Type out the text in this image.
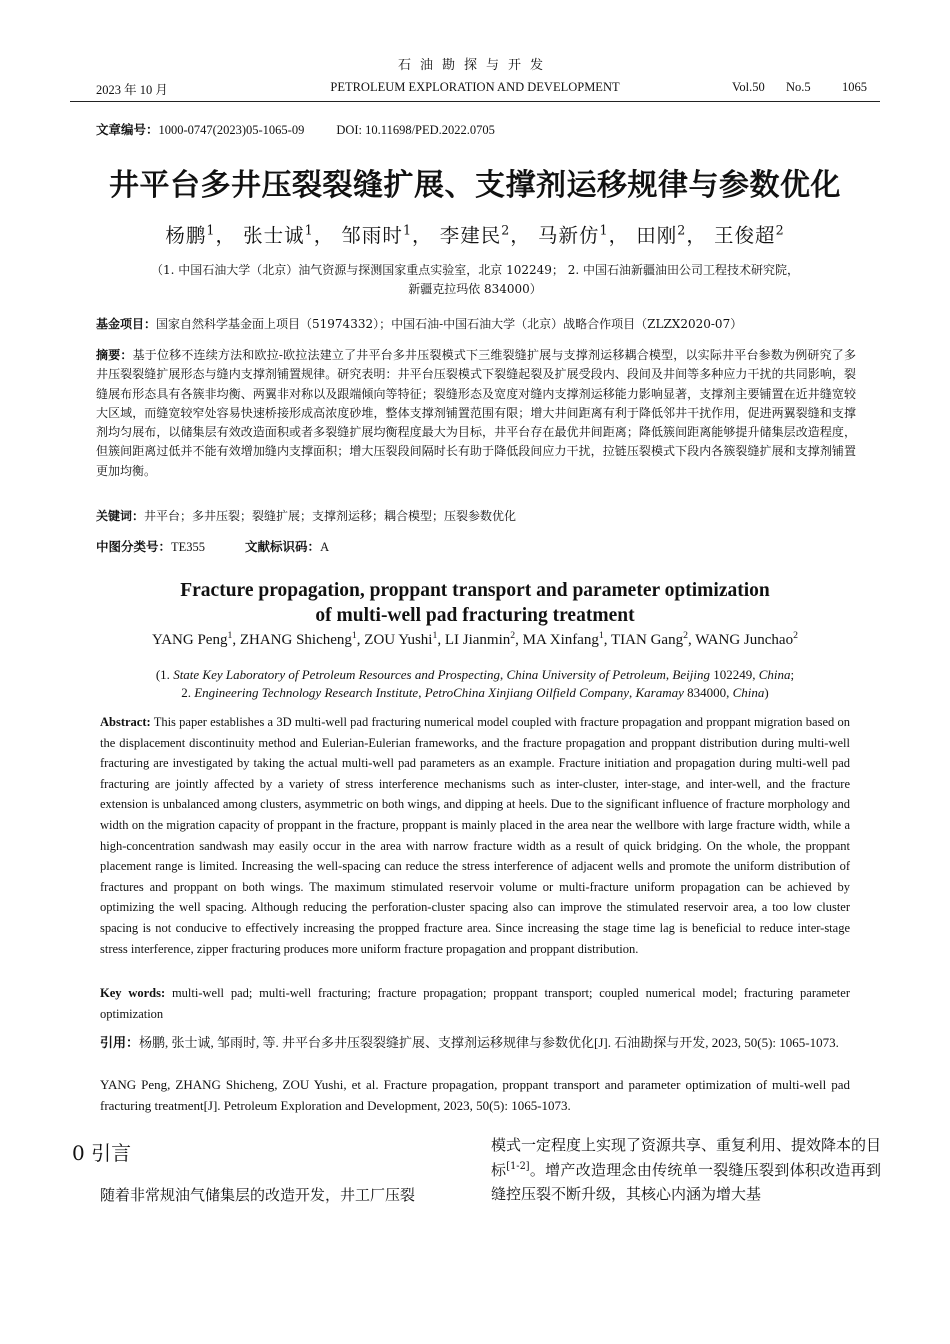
石油勘探与开发
2023 年 10 月	PETROLEUM EXPLORATION AND DEVELOPMENT	Vol.50 No.5	1065
文章编号：1000-0747(2023)05-1065-09	DOI: 10.11698/PED.2022.0705
井平台多井压裂裂缝扩展、支撑剂运移规律与参数优化
杨鹏$^1$， 张士诚$^1$， 邹雨时$^1$， 李建民$^2$， 马新仿$^1$， 田刚$^2$， 王俊超$^2$
（1. 中国石油大学（北京）油气资源与探测国家重点实验室，北京 102249； 2. 中国石油新疆油田公司工程技术研究院，
新疆克拉玛依 834000）
基金项目：国家自然科学基金面上项目（51974332）；中国石油-中国石油大学（北京）战略合作项目（ZLZX2020-07）
摘要：基于位移不连续方法和欧拉-欧拉法建立了井平台多井压裂模式下三维裂缝扩展与支撑剂运移耦合模型，以实际井平台参数为例研究了多井压裂裂缝扩展形态与缝内支撑剂铺置规律。研究表明：井平台压裂模式下裂缝起裂及扩展受段内、段间及井间等多种应力干扰的共同影响，裂缝展布形态具有各簇非均衡、两翼非对称以及跟端倾向等特征；裂缝形态及宽度对缝内支撑剂运移能力影响显著，支撑剂主要铺置在近井缝宽较大区域，而缝宽较窄处容易快速桥接形成高浓度砂堆，整体支撑剂铺置范围有限；增大井间距离有利于降低邻井干扰作用，促进两翼裂缝和支撑剂均匀展布，以储集层有效改造面积或者多裂缝扩展均衡程度最大为目标，井平台存在最优井间距离；降低簇间距离能够提升储集层改造程度，但簇间距离过低并不能有效增加缝内支撑面积；增大压裂段间隔时长有助于降低段间应力干扰，拉链压裂模式下段内各簇裂缝扩展和支撑剂铺置更加均衡。
关键词：井平台；多井压裂；裂缝扩展；支撑剂运移；耦合模型；压裂参数优化
中图分类号：TE355	文献标识码：A
Fracture propagation, proppant transport and parameter optimization
of multi-well pad fracturing treatment
YANG Peng$^1$, ZHANG Shicheng$^1$, ZOU Yushi$^1$, LI Jianmin$^2$, MA Xinfang$^1$, TIAN Gang$^2$, WANG Junchao$^2$
(1. State Key Laboratory of Petroleum Resources and Prospecting, China University of Petroleum, Beijing 102249, China;
2. Engineering Technology Research Institute, PetroChina Xinjiang Oilfield Company, Karamay 834000, China)
Abstract: This paper establishes a 3D multi-well pad fracturing numerical model coupled with fracture propagation and proppant migration based on the displacement discontinuity method and Eulerian-Eulerian frameworks, and the fracture propagation and proppant distribution during multi-well fracturing are investigated by taking the actual multi-well pad parameters as an example. Fracture initiation and propagation during multi-well pad fracturing are jointly affected by a variety of stress interference mechanisms such as inter-cluster, inter-stage, and inter-well, and the fracture extension is unbalanced among clusters, asymmetric on both wings, and dipping at heels. Due to the significant influence of fracture morphology and width on the migration capacity of proppant in the fracture, proppant is mainly placed in the area near the wellbore with large fracture width, while a high-concentration sandwash may easily occur in the area with narrow fracture width as a result of quick bridging. On the whole, the proppant placement range is limited. Increasing the well-spacing can reduce the stress interference of adjacent wells and promote the uniform distribution of fractures and proppant on both wings. The maximum stimulated reservoir volume or multi-fracture uniform propagation can be achieved by optimizing the well spacing. Although reducing the perforation-cluster spacing also can improve the stimulated reservoir area, a too low cluster spacing is not conducive to effectively increasing the propped fracture area. Since increasing the stage time lag is beneficial to reduce inter-stage stress interference, zipper fracturing produces more uniform fracture propagation and proppant distribution.
Key words: multi-well pad; multi-well fracturing; fracture propagation; proppant transport; coupled numerical model; fracturing parameter optimization
引用：杨鹏, 张士诚, 邹雨时, 等. 井平台多井压裂裂缝扩展、支撑剂运移规律与参数优化[J]. 石油勘探与开发, 2023, 50(5): 1065-1073.
YANG Peng, ZHANG Shicheng, ZOU Yushi, et al. Fracture propagation, proppant transport and parameter optimization of multi-well pad fracturing treatment[J]. Petroleum Exploration and Development, 2023, 50(5): 1065-1073.
0 引言
随着非常规油气储集层的改造开发，井工厂压裂
模式一定程度上实现了资源共享、重复利用、提效降本的目标[1-2]。增产改造理念由传统单一裂缝压裂到体积改造再到缝控压裂不断升级，其核心内涵为增大基
